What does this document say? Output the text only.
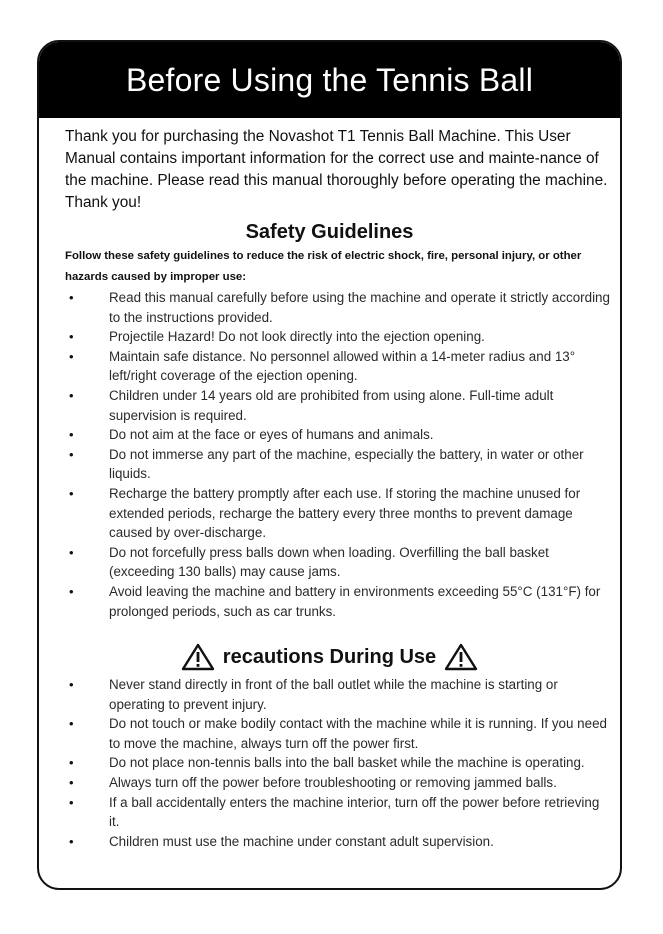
Before Using the Tennis Ball
Thank you for purchasing the Novashot T1 Tennis Ball Machine. This User Manual contains important information for the correct use and mainte-nance of the machine. Please read this manual thoroughly before operating the machine. Thank you!
Safety Guidelines
Follow these safety guidelines to reduce the risk of electric shock, fire, personal injury, or other hazards caused by improper use:
•	Read this manual carefully before using the machine and operate it strictly according to the instructions provided.
•	Projectile Hazard! Do not look directly into the ejection opening.
•	Maintain safe distance. No personnel allowed within a 14-meter radius and 13° left/right coverage of the ejection opening.
•	Children under 14 years old are prohibited from using alone. Full-time adult supervision is required.
•	Do not aim at the face or eyes of humans and animals.
•	Do not immerse any part of the machine, especially the battery, in water or other liquids.
•	Recharge the battery promptly after each use. If storing the machine unused for extended periods, recharge the battery every three months to prevent damage caused by over-discharge.
•	Do not forcefully press balls down when loading. Overfilling the ball basket (exceeding 130 balls) may cause jams.
•	Avoid leaving the machine and battery in environments exceeding 55°C (131°F) for prolonged periods, such as car trunks.
recautions During Use
•	Never stand directly in front of the ball outlet while the machine is starting or operating to prevent injury.
•	Do not touch or make bodily contact with the machine while it is running. If you need to move the machine, always turn off the power first.
•	Do not place non-tennis balls into the ball basket while the machine is operating.
•	Always turn off the power before troubleshooting or removing jammed balls.
•	If a ball accidentally enters the machine interior, turn off the power before retrieving it.
•	Children must use the machine under constant adult supervision.
